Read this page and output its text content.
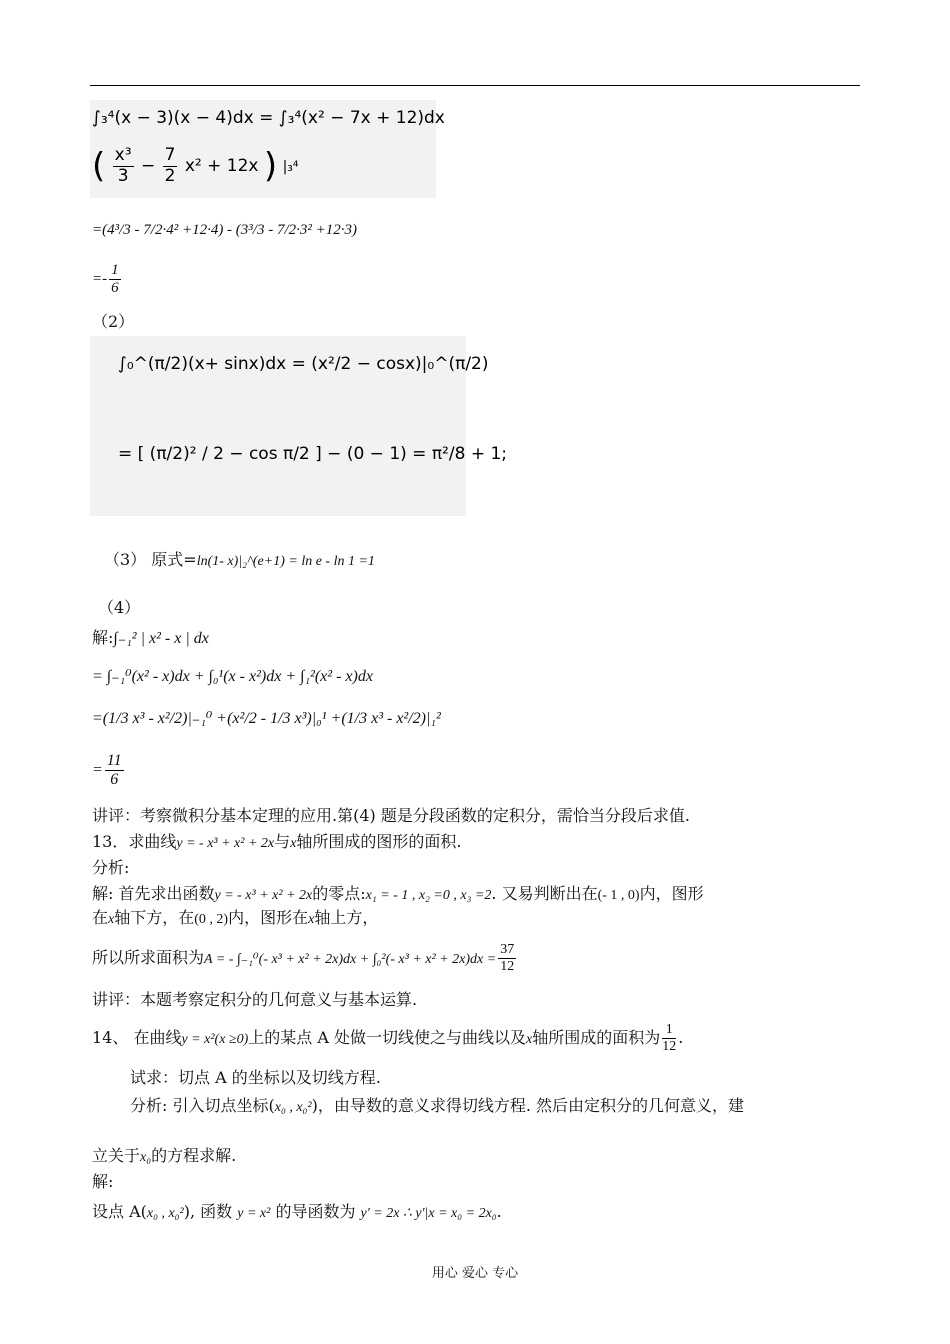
∫₃⁴(x − 3)(x − 4)dx = ∫₃⁴(x² − 7x + 12)dx
( $\frac{\text{x³}}{3} - \frac{7}{2} x^2 + 12x$ ) |₃⁴
=(4³/3 - 7/2·4² +12·4) - (3³/3 - 7/2·3² +12·3)
=- $\frac{1}{6}$
（2）
∫₀^(π/2)(x+ sinx)dx = (x²/2 − cosx)|₀^(π/2)
= [ (π/2)² / 2 − cos π/2 ] − (0 − 1) = π²/8 + 1;
（3） 原式=ln(1- x)|₂^(e+1) = ln e - ln 1 =1
（4）
解:∫₋₁² | x² - x | dx
= ∫₋₁⁰(x² - x)dx + ∫₀¹(x - x²)dx + ∫₁²(x² - x)dx
=(1/3 x³ - x²/2)|₋₁⁰ +(x²/2 - 1/3 x³)|₀¹ +(1/3 x³ - x²/2)|₁²
= $\frac{11}{6}$
讲评：考察微积分基本定理的应用.第(4) 题是分段函数的定积分，需恰当分段后求值.
13．求曲线y = - x³ + x² + 2x与x轴所围成的图形的面积.
分析:
解: 首先求出函数y = - x³ + x² + 2x的零点:x₁ = - 1 , x₂ =0 , x₃ =2. 又易判断出在(- 1 , 0)内，图形
在x轴下方，在(0 , 2)内，图形在x轴上方，
所以所求面积为A = - ∫₋₁⁰(- x³ + x² + 2x)dx + ∫₀²(- $x^3 + x^2 + 2x)dx = \frac{37}{12}$
讲评：本题考察定积分的几何意义与基本运算.
14、 在曲线y = x²(x ≥0)上的某点 A 处做一切线使之与曲线以及x轴所围成的面积为 $\frac{1}{12}$ .
试求：切点 A 的坐标以及切线方程.
分析: 引入切点坐标(x₀ , x₀²)，由导数的意义求得切线方程. 然后由定积分的几何意义，建
立关于x₀的方程求解.
解:
设点 A(x₀ , x₀²), 函数 y = x² 的导函数为 y' = 2x ∴ y'|x = x₀ = 2x₀.
用心 爱心 专心
